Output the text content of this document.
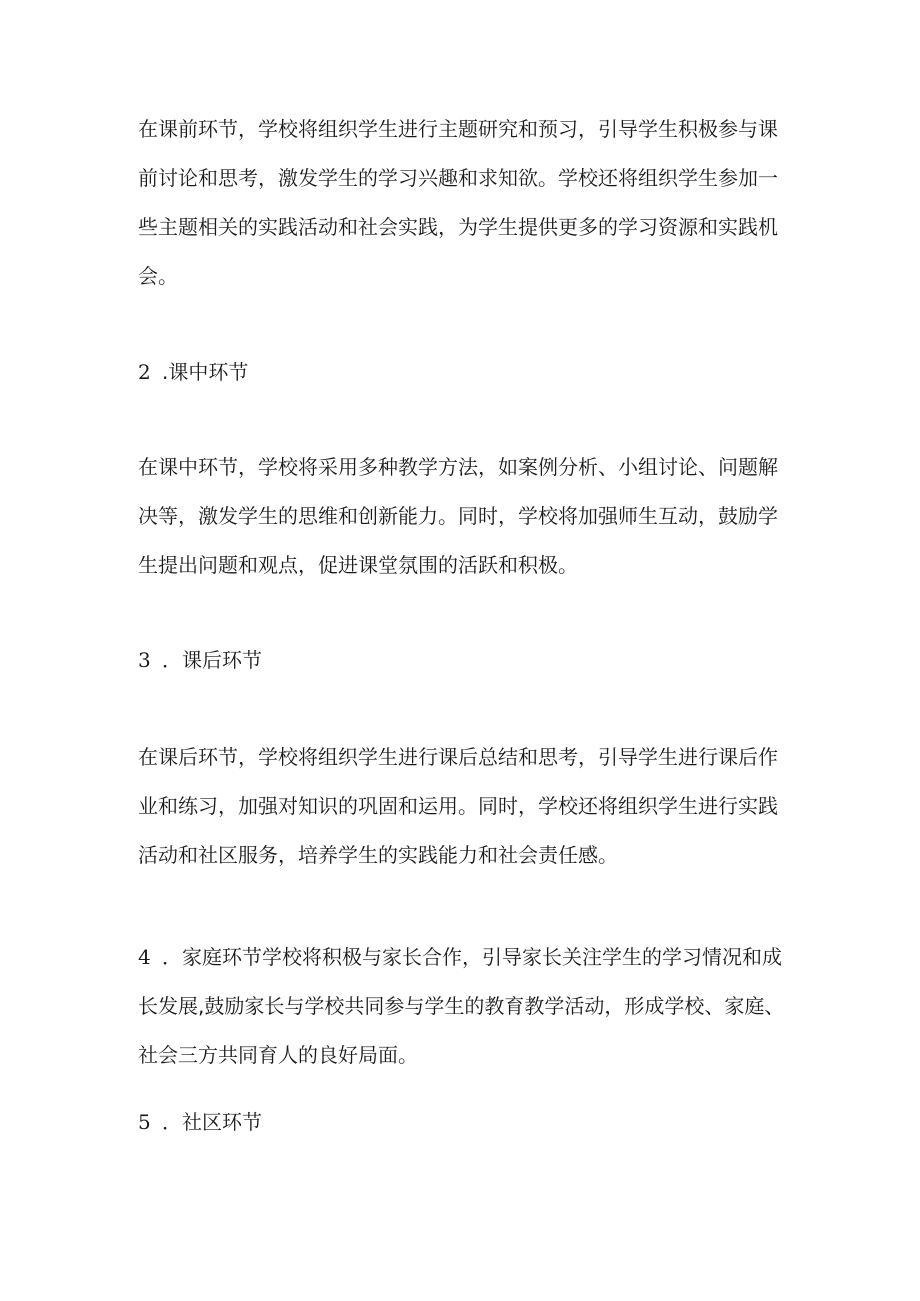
在课前环节，学校将组织学生进行主题研究和预习，引导学生积极参与课
前讨论和思考，激发学生的学习兴趣和求知欲。学校还将组织学生参加一
些主题相关的实践活动和社会实践，为学生提供更多的学习资源和实践机
会。
2 .课中环节
在课中环节，学校将采用多种教学方法，如案例分析、小组讨论、问题解
决等，激发学生的思维和创新能力。同时，学校将加强师生互动，鼓励学
生提出问题和观点，促进课堂氛围的活跃和积极。
3 ．课后环节
在课后环节，学校将组织学生进行课后总结和思考，引导学生进行课后作
业和练习，加强对知识的巩固和运用。同时，学校还将组织学生进行实践
活动和社区服务，培养学生的实践能力和社会责任感。
4 ．家庭环节学校将积极与家长合作，引导家长关注学生的学习情况和成
长发展,鼓励家长与学校共同参与学生的教育教学活动，形成学校、家庭、
社会三方共同育人的良好局面。
5 ．社区环节
